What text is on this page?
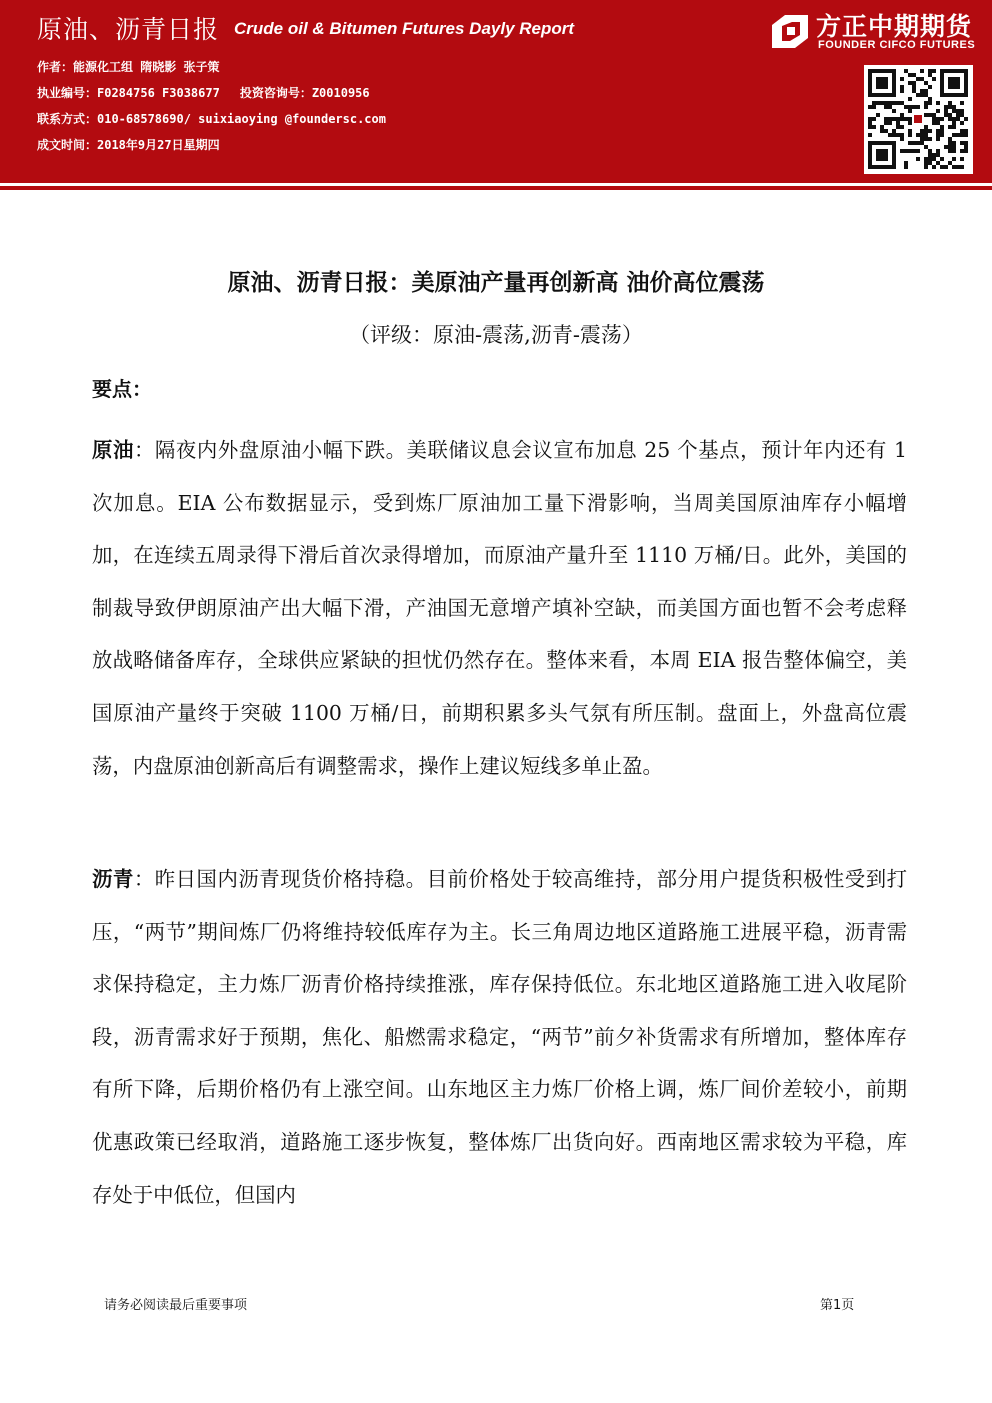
原油、沥青日报 Crude oil & Bitumen Futures Dayly Report
作者：能源化工组 隋晓影 张子策
执业编号：F0284756 F3038677 投资咨询号：Z0010956
联系方式：010-68578690/ suixiaoying @foundersc.com
成文时间：2018年9月27日星期四
方正中期期货
FOUNDER CIFCO FUTURES
原油、沥青日报：美原油产量再创新高 油价高位震荡
（评级：原油-震荡,沥青-震荡）
要点：

原油：隔夜内外盘原油小幅下跌。美联储议息会议宣布加息 25 个基点，预计年内还有 1 次加息。EIA 公布数据显示，受到炼厂原油加工量下滑影响，当周美国原油库存小幅增加，在连续五周录得下滑后首次录得增加，而原油产量升至 1110 万桶/日。此外，美国的制裁导致伊朗原油产出大幅下滑，产油国无意增产填补空缺，而美国方面也暂不会考虑释放战略储备库存，全球供应紧缺的担忧仍然存在。整体来看，本周 EIA 报告整体偏空，美国原油产量终于突破 1100 万桶/日，前期积累多头气氛有所压制。盘面上，外盘高位震荡，内盘原油创新高后有调整需求，操作上建议短线多单止盈。

沥青：昨日国内沥青现货价格持稳。目前价格处于较高维持，部分用户提货积极性受到打压，“两节”期间炼厂仍将维持较低库存为主。长三角周边地区道路施工进展平稳，沥青需求保持稳定，主力炼厂沥青价格持续推涨，库存保持低位。东北地区道路施工进入收尾阶段，沥青需求好于预期，焦化、船燃需求稳定，“两节”前夕补货需求有所增加，整体库存有所下降，后期价格仍有上涨空间。山东地区主力炼厂价格上调，炼厂间价差较小，前期优惠政策已经取消，道路施工逐步恢复，整体炼厂出货向好。西南地区需求较为平稳，库存处于中低位，但国内

请务必阅读最后重要事项	第1页
